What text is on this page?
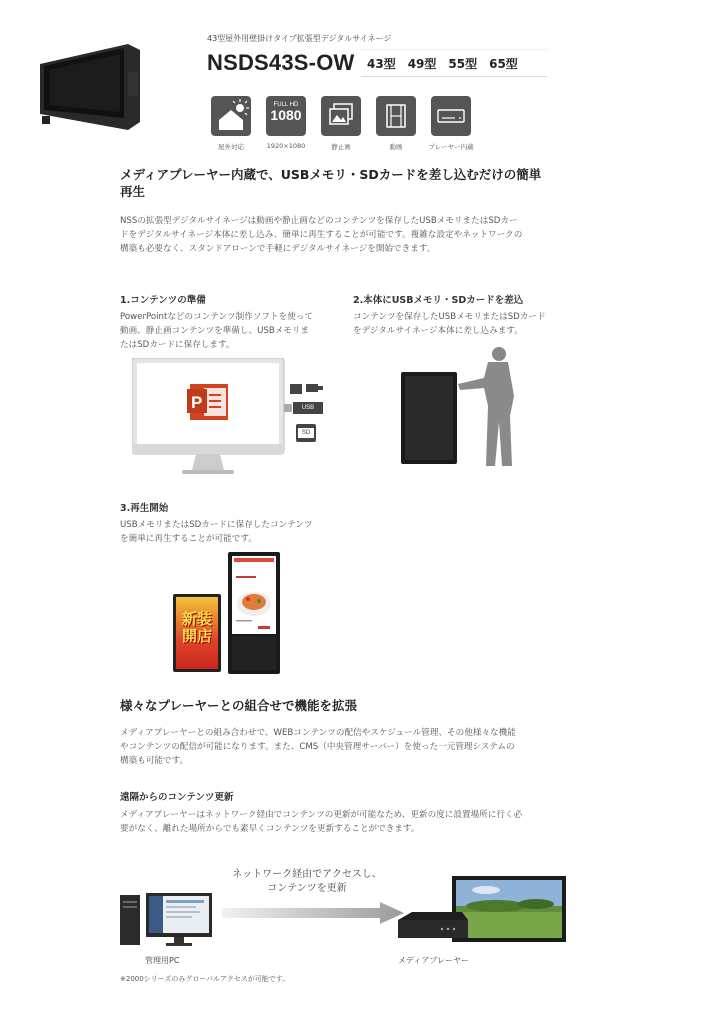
43型屋外用壁掛けタイプ拡張型デジタルサイネージ
NSDS43S-OW 43型　49型　55型　65型
FULL HD
1080
屋外対応	1920×1080	静止画	動画	プレーヤー内蔵
メディアプレーヤー内蔵で、USBメモリ・SDカードを差し込むだけの簡単
再生
NSSの拡張型デジタルサイネージは動画や静止画などのコンテンツを保存したUSBメモリまたはSDカー
ドをデジタルサイネージ本体に差し込み、簡単に再生することが可能です。複雑な設定やネットワークの
構築も必要なく、スタンドアローンで手軽にデジタルサイネージを開始できます。
1.コンテンツの準備
PowerPointなどのコンテンツ制作ソフトを使って
動画、静止画コンテンツを準備し、USBメモリま
たはSDカードに保存します。
P	USB
SD
2.本体にUSBメモリ・SDカードを差込
コンテンツを保存したUSBメモリまたはSDカード
をデジタルサイネージ本体に差し込みます。
3.再生開始
USBメモリまたはSDカードに保存したコンテンツ
を簡単に再生することが可能です。
新装開店
様々なプレーヤーとの組合せで機能を拡張
メディアプレーヤーとの組み合わせで、WEBコンテンツの配信やスケジュール管理、その他様々な機能
やコンテンツの配信が可能になります。また、CMS（中央管理サーバー）を使った一元管理システムの
構築も可能です。
遠隔からのコンテンツ更新
メディアプレーヤーはネットワーク経由でコンテンツの更新が可能なため、更新の度に設置場所に行く必
要がなく、離れた場所からでも素早くコンテンツを更新することができます。
ネットワーク経由でアクセスし、
コンテンツを更新
管理用PC	メディアプレーヤー
※2000シリーズのみグローバルアクセスが可能です。
